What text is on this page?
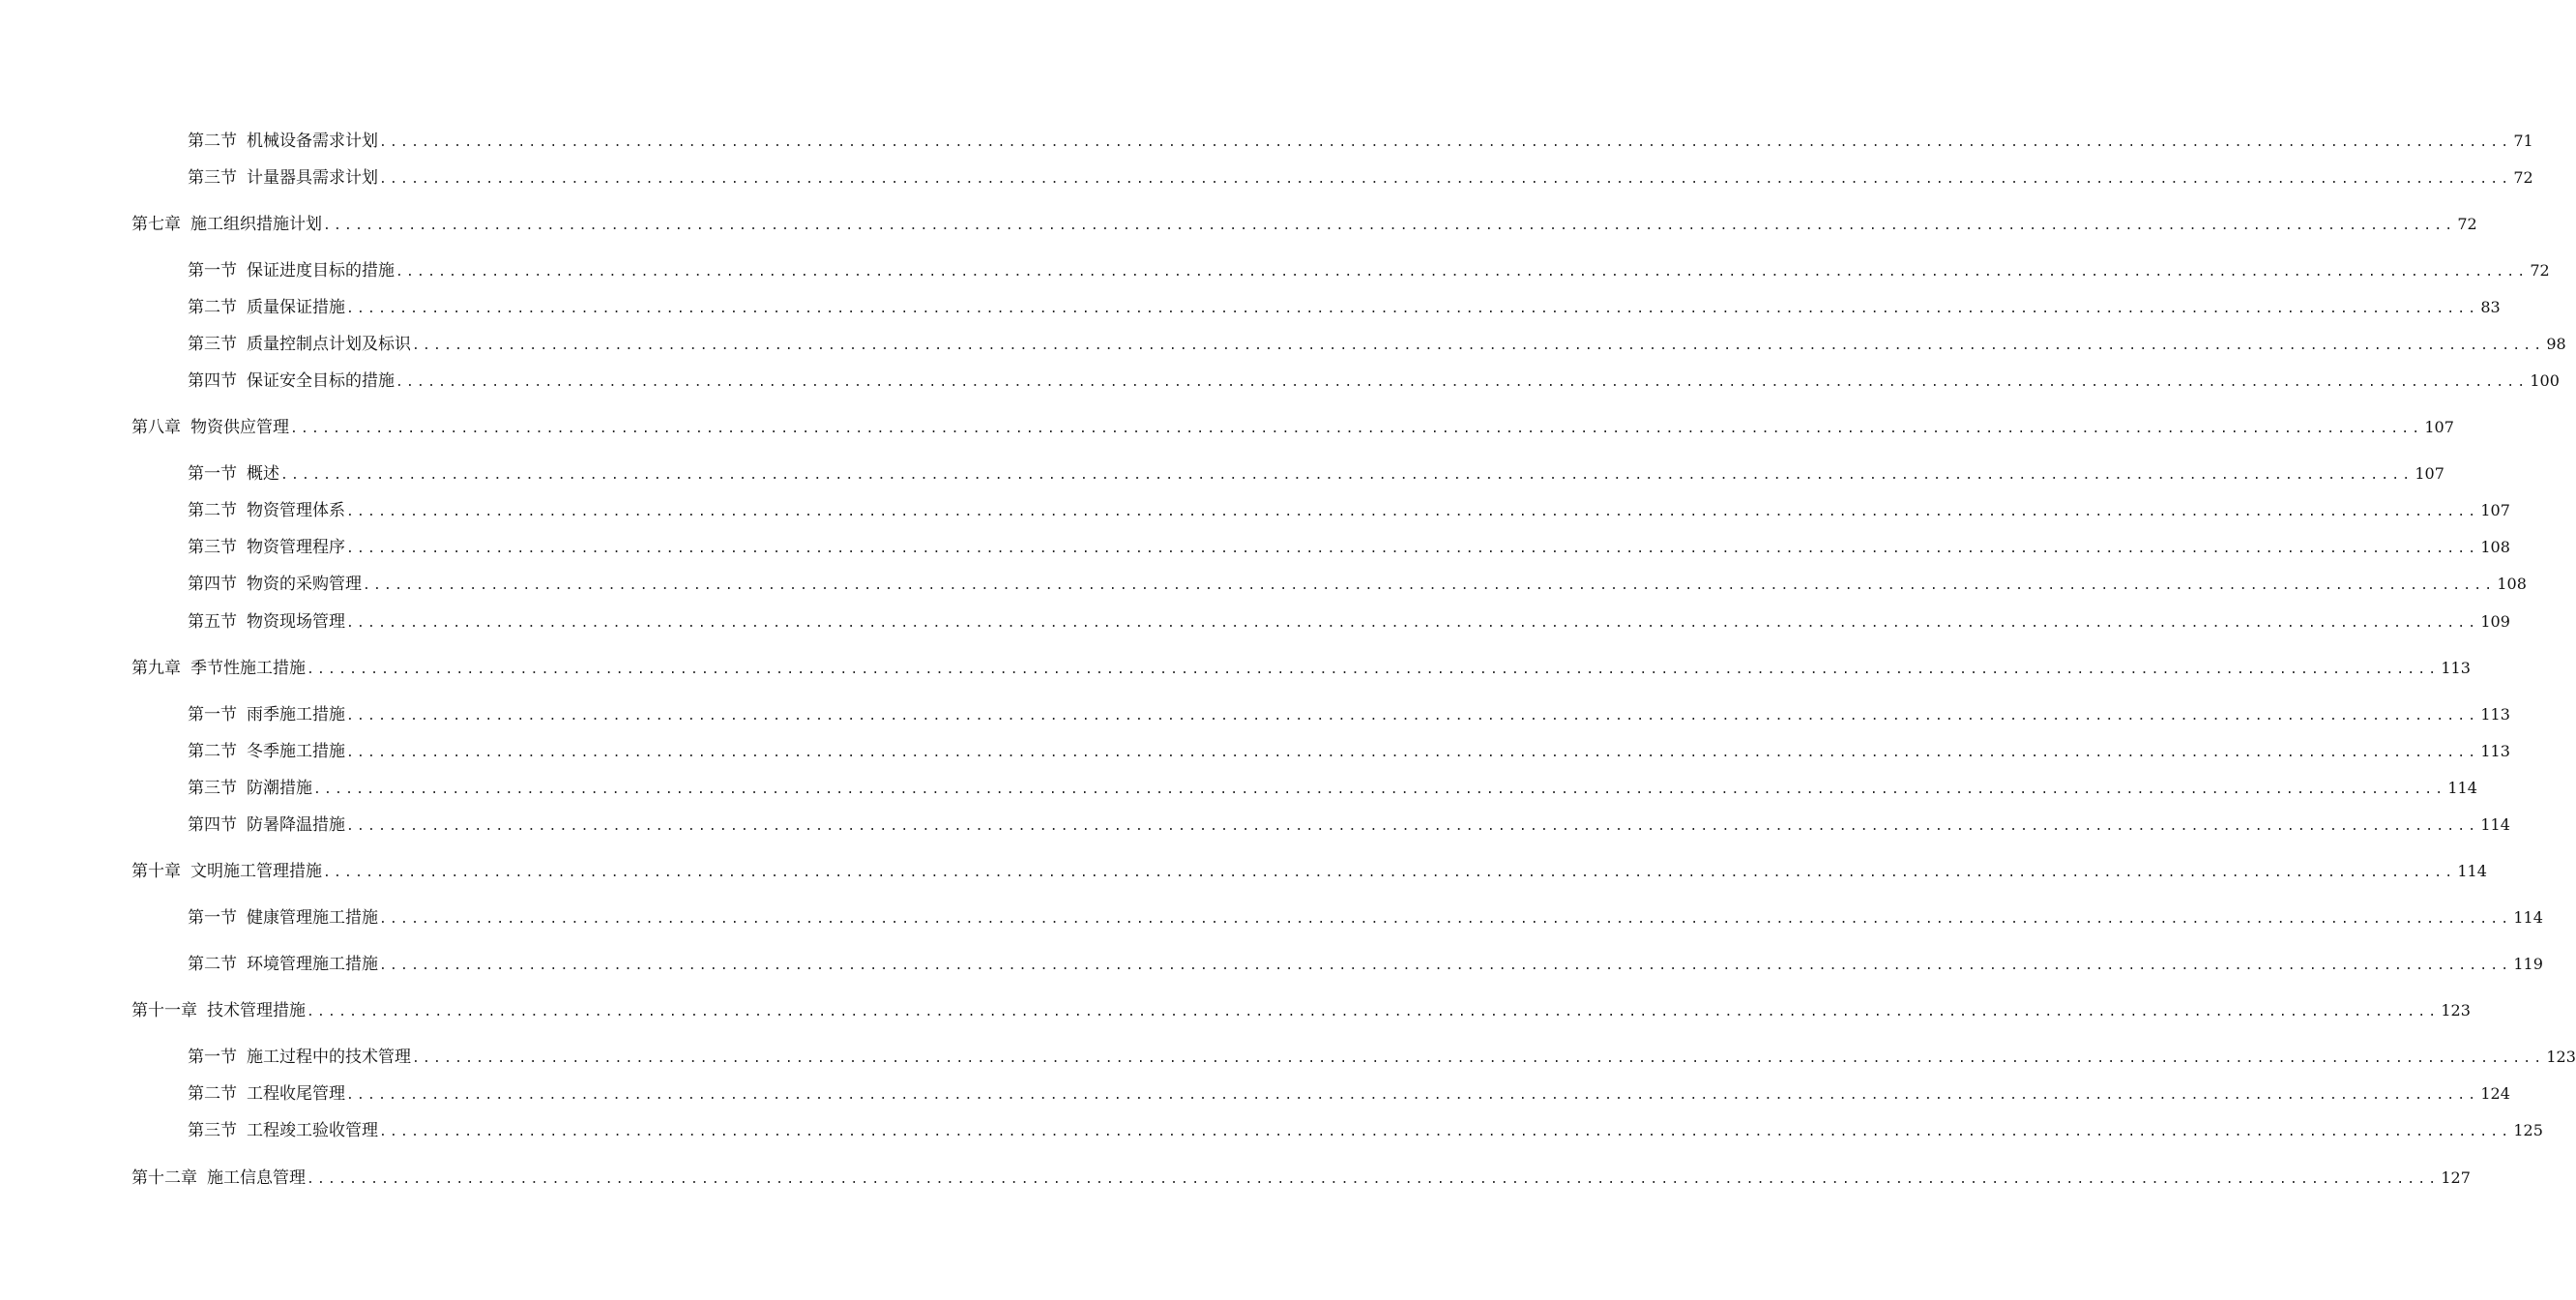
第二节 机械设备需求计划 ........................................................................................................................................................................................................ 71
第三节 计量器具需求计划 ........................................................................................................................................................................................................ 72
第七章 施工组织措施计划 ........................................................................................................................................................................................................ 72
第一节 保证进度目标的措施 ........................................................................................................................................................................................................ 72
第二节 质量保证措施 ........................................................................................................................................................................................................ 83
第三节 质量控制点计划及标识 ........................................................................................................................................................................................................ 98
第四节 保证安全目标的措施 ........................................................................................................................................................................................................ 100
第八章 物资供应管理 ........................................................................................................................................................................................................ 107
第一节 概述 ........................................................................................................................................................................................................ 107
第二节 物资管理体系 ........................................................................................................................................................................................................ 107
第三节 物资管理程序 ........................................................................................................................................................................................................ 108
第四节 物资的采购管理 ........................................................................................................................................................................................................ 108
第五节 物资现场管理 ........................................................................................................................................................................................................ 109
第九章 季节性施工措施 ........................................................................................................................................................................................................ 113
第一节 雨季施工措施 ........................................................................................................................................................................................................ 113
第二节 冬季施工措施 ........................................................................................................................................................................................................ 113
第三节 防潮措施 ........................................................................................................................................................................................................ 114
第四节 防暑降温措施 ........................................................................................................................................................................................................ 114
第十章 文明施工管理措施 ........................................................................................................................................................................................................ 114
第一节 健康管理施工措施 ........................................................................................................................................................................................................ 114
第二节 环境管理施工措施 ........................................................................................................................................................................................................ 119
第十一章 技术管理措施 ........................................................................................................................................................................................................ 123
第一节 施工过程中的技术管理 ........................................................................................................................................................................................................ 123
第二节 工程收尾管理 ........................................................................................................................................................................................................ 124
第三节 工程竣工验收管理 ........................................................................................................................................................................................................ 125
第十二章 施工信息管理 ........................................................................................................................................................................................................ 127
